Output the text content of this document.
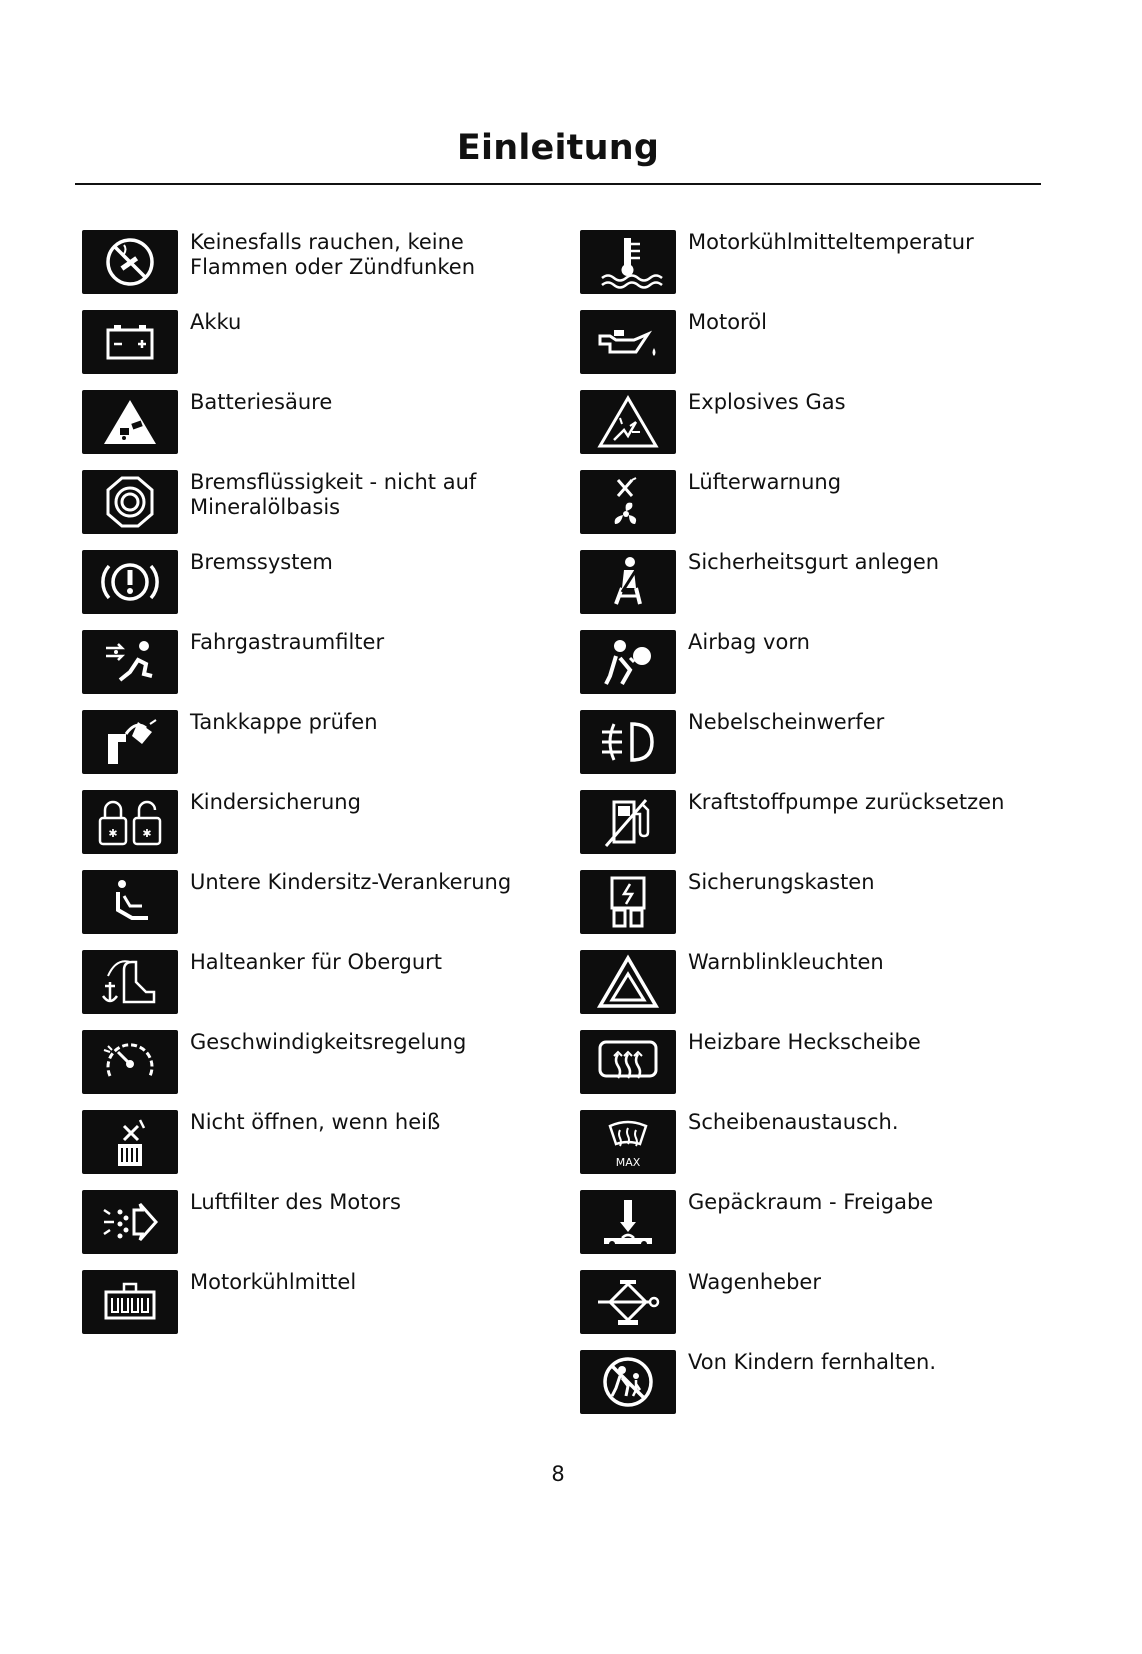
Einleitung
Keinesfalls rauchen, keine Flammen oder Zündfunken
Akku
Batteriesäure
Bremsflüssigkeit - nicht auf Mineralölbasis
Bremssystem
Fahrgastraumfilter
Tankkappe prüfen
✱ ✱
Kindersicherung
Untere Kindersitz-Verankerung
Halteanker für Obergurt
Geschwindigkeitsregelung
Nicht öffnen, wenn heiß
Luftfilter des Motors
Motorkühlmittel
Motorkühlmitteltemperatur
Motoröl
Explosives Gas
Lüfterwarnung
Sicherheitsgurt anlegen
Airbag vorn
Nebelscheinwerfer
Kraftstoffpumpe zurücksetzen
Sicherungskasten
Warnblinkleuchten
Heizbare Heckscheibe
MAX
Scheibenaustausch.
Gepäckraum - Freigabe
Wagenheber
Von Kindern fernhalten.
8
